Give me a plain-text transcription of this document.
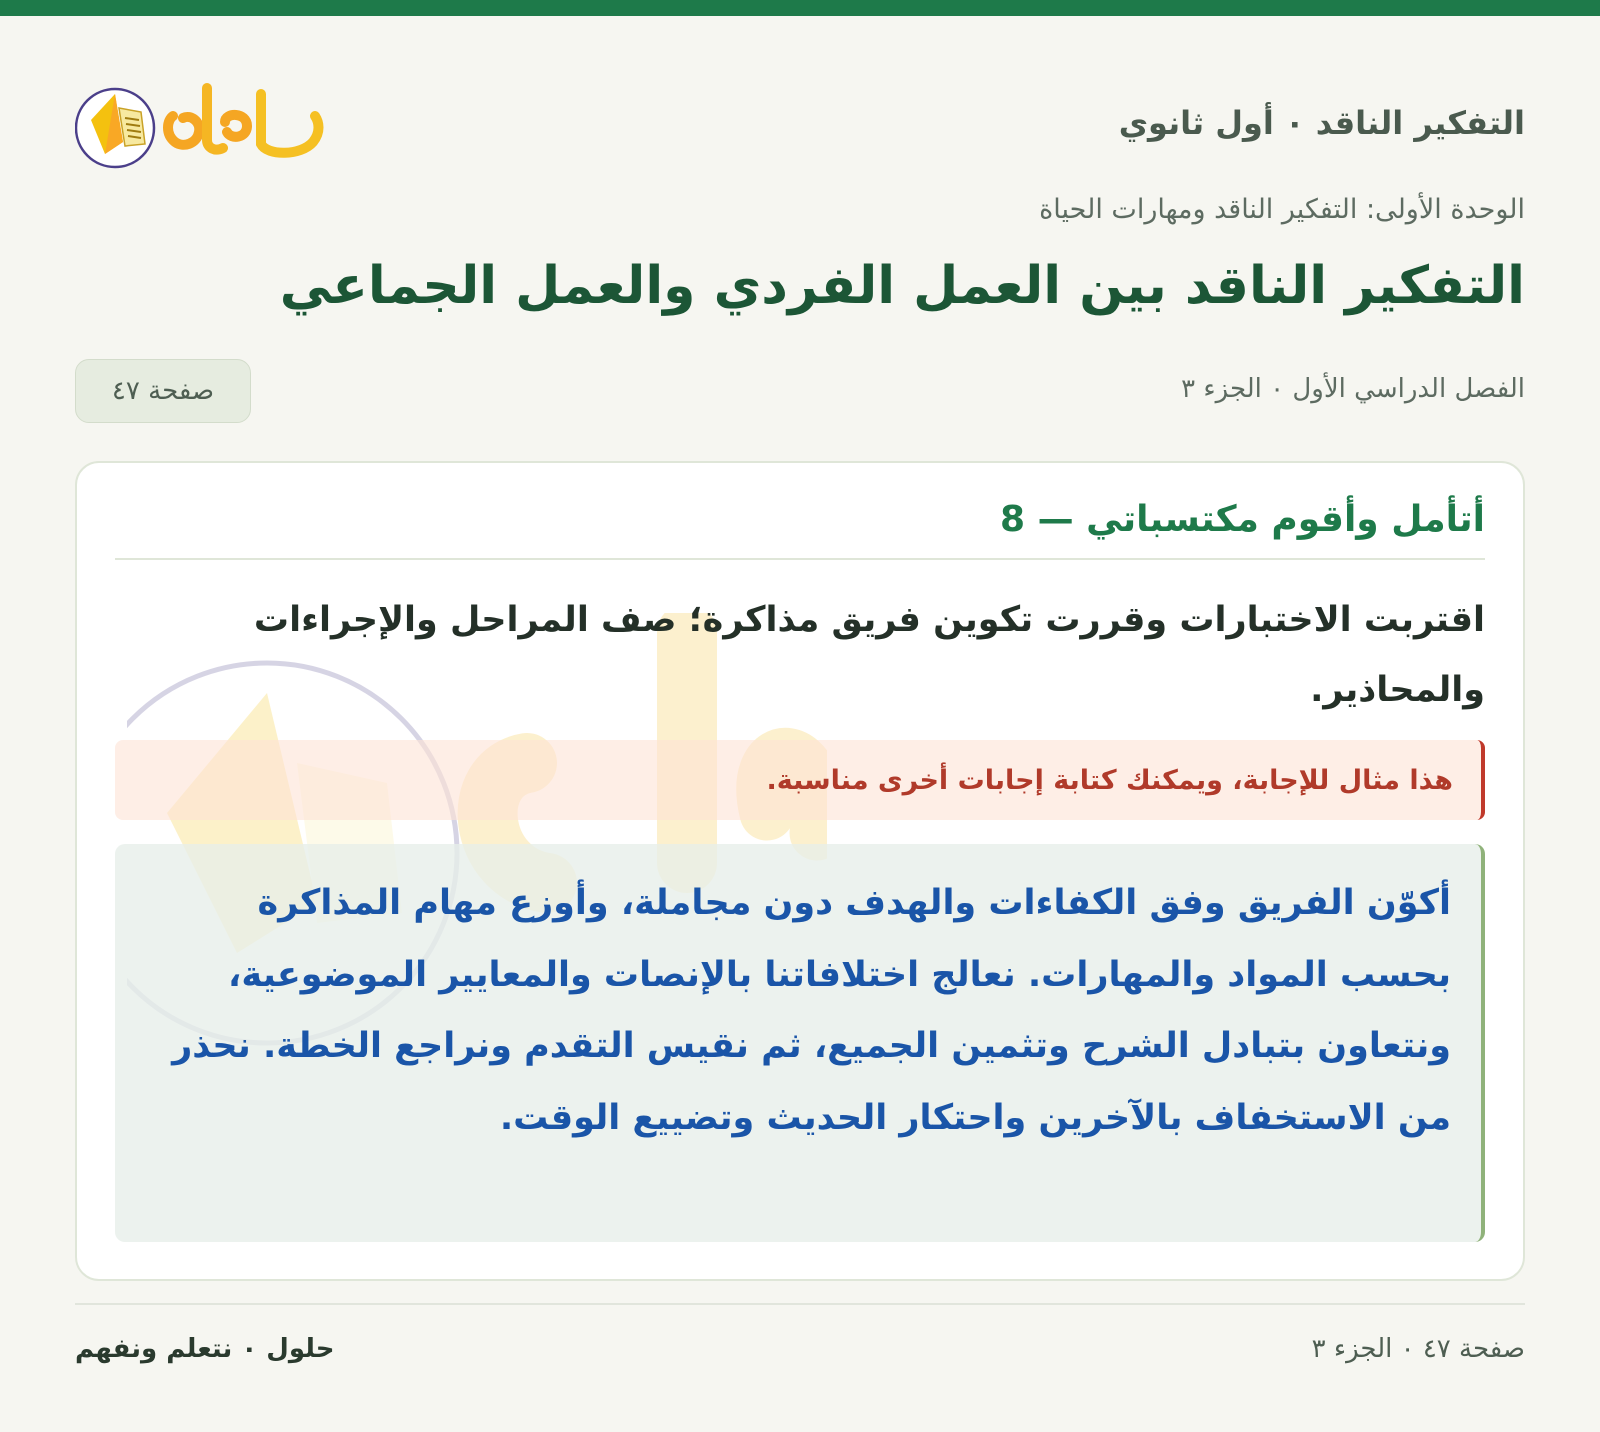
التفكير الناقد ٠ أول ثانوي
الوحدة الأولى: التفكير الناقد ومهارات الحياة
التفكير الناقد بين العمل الفردي والعمل الجماعي
الفصل الدراسي الأول ٠ الجزء ٣
صفحة ٤٧
أتأمل وأقوم مكتسباتي — 8
اقتربت الاختبارات وقررت تكوين فريق مذاكرة؛ صف المراحل والإجراءات والمحاذير.
هذا مثال للإجابة، ويمكنك كتابة إجابات أخرى مناسبة.
أكوّن الفريق وفق الكفاءات والهدف دون مجاملة، وأوزع مهام المذاكرة بحسب المواد والمهارات. نعالج اختلافاتنا بالإنصات والمعايير الموضوعية، ونتعاون بتبادل الشرح وتثمين الجميع، ثم نقيس التقدم ونراجع الخطة. نحذر من الاستخفاف بالآخرين واحتكار الحديث وتضييع الوقت.
حلول ٠ نتعلم ونفهم	صفحة ٤٧ ٠ الجزء ٣
